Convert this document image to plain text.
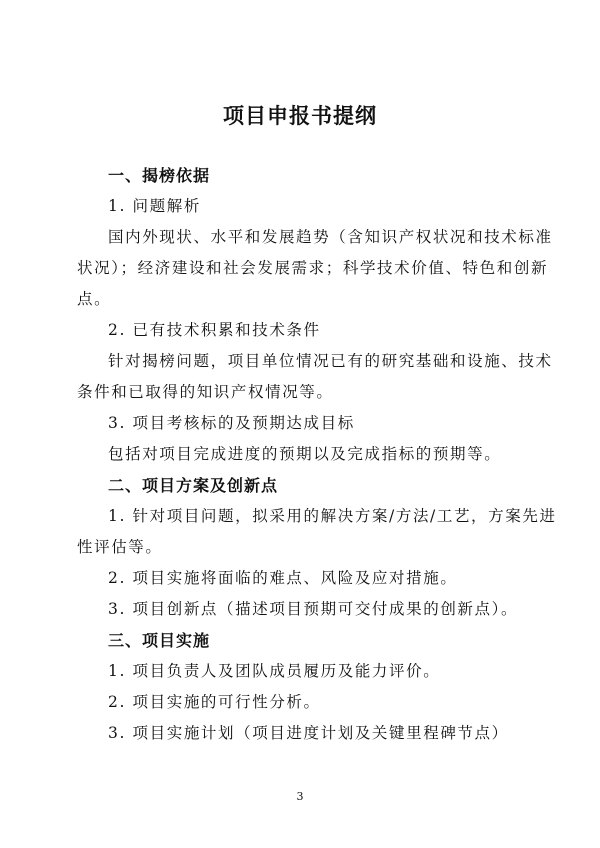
项目申报书提纲
一、揭榜依据
1. 问题解析
国内外现状、水平和发展趋势（含知识产权状况和技术标准
状况）；经济建设和社会发展需求；科学技术价值、特色和创新
点。
2. 已有技术积累和技术条件
针对揭榜问题，项目单位情况已有的研究基础和设施、技术
条件和已取得的知识产权情况等。
3. 项目考核标的及预期达成目标
包括对项目完成进度的预期以及完成指标的预期等。
二、项目方案及创新点
1. 针对项目问题，拟采用的解决方案/方法/工艺，方案先进
性评估等。
2. 项目实施将面临的难点、风险及应对措施。
3. 项目创新点（描述项目预期可交付成果的创新点）。
三、项目实施
1. 项目负责人及团队成员履历及能力评价。
2. 项目实施的可行性分析。
3. 项目实施计划（项目进度计划及关键里程碑节点）
3
